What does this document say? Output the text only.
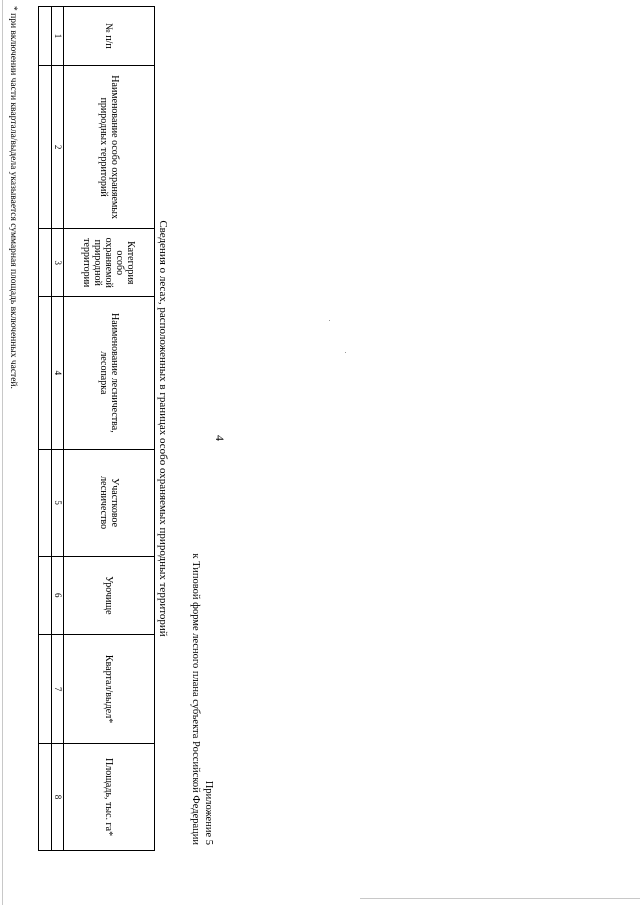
4
Приложение 5
к Типовой форме лесного плана субъекта Российской Федерации
Сведения о лесах, расположенных в границах особо охраняемых природных территорий
№ п/п	Наименование особо охраняемых природных территорий	Категория особо охраняемой природной территории	Наименование лесничества, лесопарка	Участковое лесничество	Урочище	Квартал/выдел*	Площадь, тыс. га*
1	2	3	4	5	6	7	8

* при включении части квартала/выдела указывается суммарная площадь включенных частей.
